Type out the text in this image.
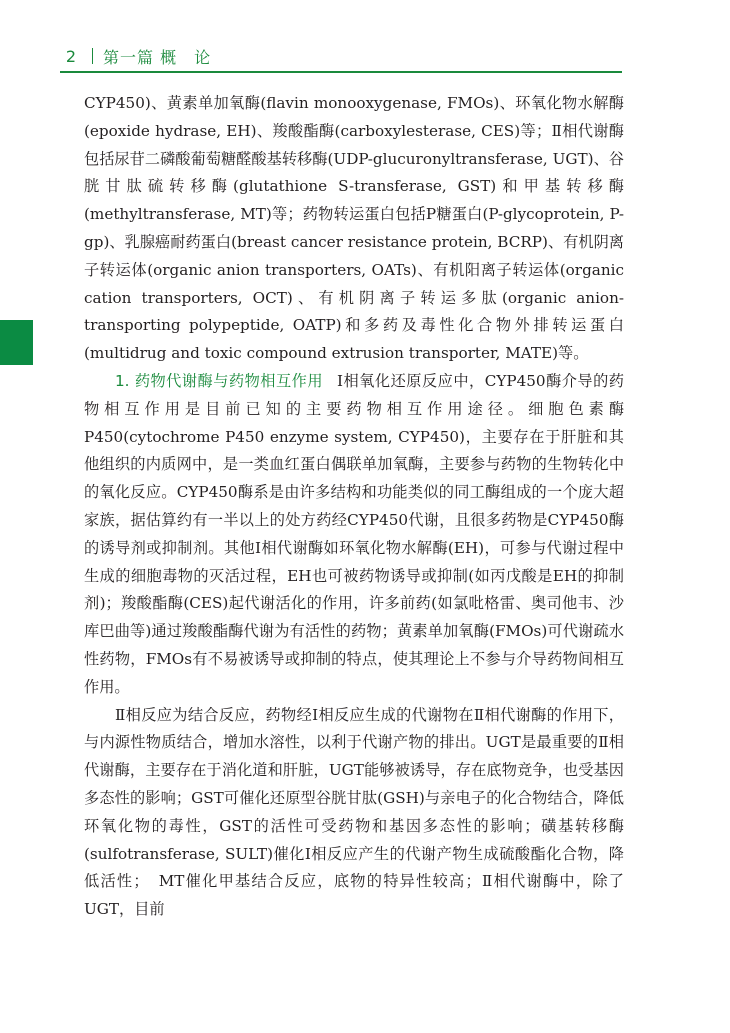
2	第一篇 概　论

CYP450)、黄素单加氧酶(flavin monooxygenase, FMOs)、环氧化物水解酶(epoxide hydrase, EH)、羧酸酯酶(carboxylesterase, CES)等；Ⅱ相代谢酶包括尿苷二磷酸葡萄糖醛酸基转移酶(UDP-glucuronyltransferase, UGT)、谷胱甘肽硫转移酶(glutathione S-transferase, GST)和甲基转移酶(methyltransferase, MT)等；药物转运蛋白包括P糖蛋白(P-glycoprotein, P-gp)、乳腺癌耐药蛋白(breast cancer resistance protein, BCRP)、有机阴离子转运体(organic anion transporters, OATs)、有机阳离子转运体(organic cation transporters, OCT)、有机阴离子转运多肽(organic anion-transporting polypeptide, OATP)和多药及毒性化合物外排转运蛋白(multidrug and toxic compound extrusion transporter, MATE)等。

1. 药物代谢酶与药物相互作用 Ⅰ相氧化还原反应中，CYP450酶介导的药物相互作用是目前已知的主要药物相互作用途径。细胞色素酶P450(cytochrome P450 enzyme system, CYP450)，主要存在于肝脏和其他组织的内质网中，是一类血红蛋白偶联单加氧酶，主要参与药物的生物转化中的氧化反应。CYP450酶系是由许多结构和功能类似的同工酶组成的一个庞大超家族，据估算约有一半以上的处方药经CYP450代谢，且很多药物是CYP450酶的诱导剂或抑制剂。其他Ⅰ相代谢酶如环氧化物水解酶(EH)，可参与代谢过程中生成的细胞毒物的灭活过程，EH也可被药物诱导或抑制(如丙戊酸是EH的抑制剂)；羧酸酯酶(CES)起代谢活化的作用，许多前药(如氯吡格雷、奥司他韦、沙库巴曲等)通过羧酸酯酶代谢为有活性的药物；黄素单加氧酶(FMOs)可代谢疏水性药物，FMOs有不易被诱导或抑制的特点，使其理论上不参与介导药物间相互作用。

Ⅱ相反应为结合反应，药物经Ⅰ相反应生成的代谢物在Ⅱ相代谢酶的作用下，与内源性物质结合，增加水溶性，以利于代谢产物的排出。UGT是最重要的Ⅱ相代谢酶，主要存在于消化道和肝脏，UGT能够被诱导，存在底物竞争，也受基因多态性的影响；GST可催化还原型谷胱甘肽(GSH)与亲电子的化合物结合，降低环氧化物的毒性，GST的活性可受药物和基因多态性的影响；磺基转移酶(sulfotransferase, SULT)催化Ⅰ相反应产生的代谢产物生成硫酸酯化合物，降低活性；　MT催化甲基结合反应，底物的特异性较高；Ⅱ相代谢酶中，除了UGT，目前
